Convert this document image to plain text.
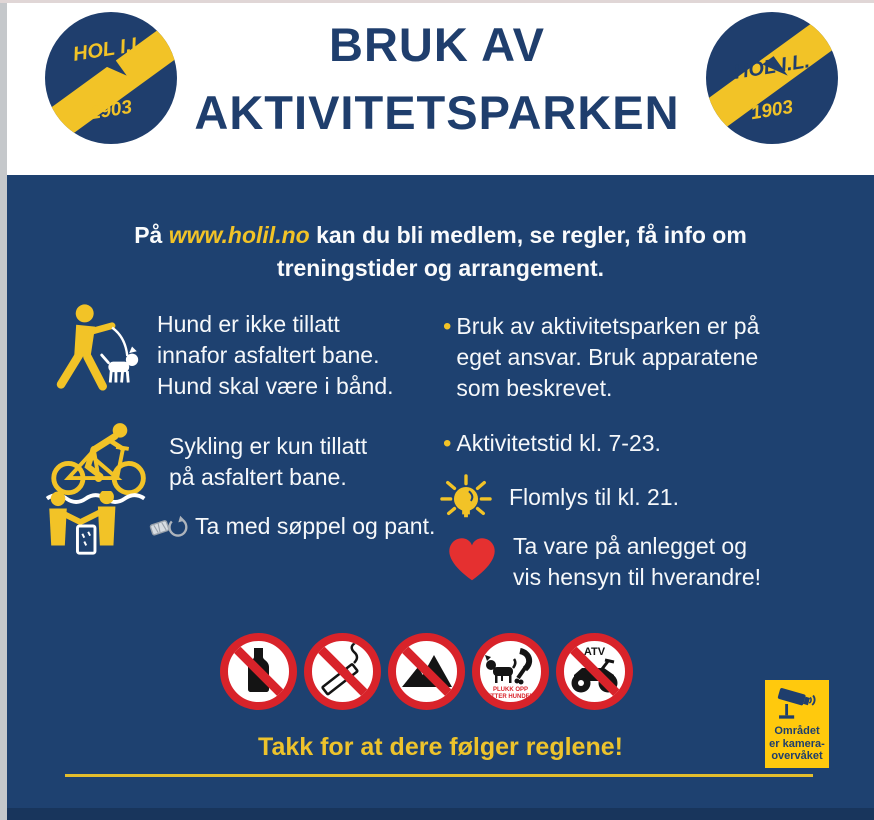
HOL I.L.
1903
BRUK AV
AKTIVITETSPARKEN
HOL I.L.
1903
På www.holil.no kan du bli medlem, se regler, få info om
treningstider og arrangement.
Hund er ikke tillatt
innafor asfaltert bane.
Hund skal være i bånd.
Sykling er kun tillatt
på asfaltert bane.
Ta med søppel og pant.
• Bruk av aktivitetsparken er på
eget ansvar. Bruk apparatene
som beskrevet.
• Aktivitetstid kl. 7-23.
Flomlys til kl. 21.
Ta vare på anlegget og
vis hensyn til hverandre!
PLUKK OPP
ETTER HUNDEN
ATV
Området
er kamera-
overvåket
Takk for at dere følger reglene!
